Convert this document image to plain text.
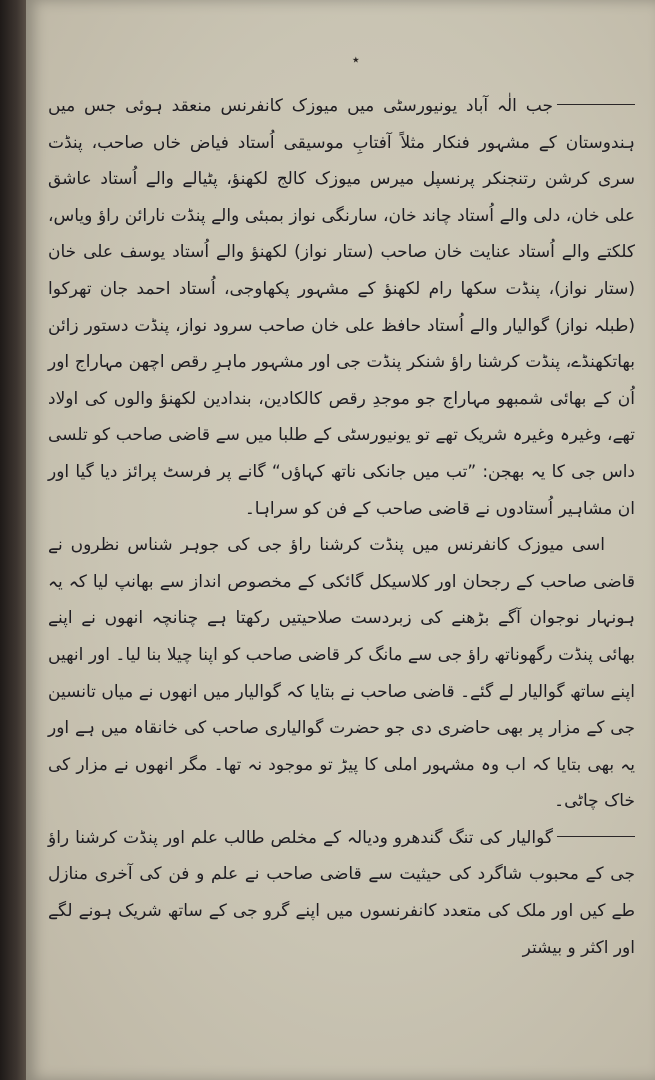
٭

جب الٰہ آباد یونیورسٹی میں میوزک کانفرنس منعقد ہوئی جس میں ہندوستان کے مشہور فنکار مثلاً آفتابِ موسیقی اُستاد فیاض خاں صاحب، پنڈت سری کرشن رتنجنکر پرنسپل میرس میوزک کالج لکھنؤ، پٹیالے والے اُستاد عاشق علی خان، دلی والے اُستاد چاند خان، سارنگی نواز بمبئی والے پنڈت نارائن راؤ ویاس، کلکتے والے اُستاد عنایت خان صاحب (ستار نواز) لکھنؤ والے اُستاد یوسف علی خان (ستار نواز)، پنڈت سکھا رام لکھنؤ کے مشہور پکھاوجی، اُستاد احمد جان تھرکوا (طبلہ نواز) گوالیار والے اُستاد حافظ علی خان صاحب سرود نواز، پنڈت دستور زائن بھاتکھنڈے، پنڈت کرشنا راؤ شنکر پنڈت جی اور مشہور ماہرِ رقص اچھن مہاراج اور اُن کے بھائی شمبھو مہاراج جو موجدِ رقص کالکادین، بندادین لکھنؤ والوں کی اولاد تھے، وغیرہ وغیرہ شریک تھے تو یونیورسٹی کے طلبا میں سے قاضی صاحب کو تلسی داس جی کا یہ بھجن: ”تب میں جانکی ناتھ کہاؤں“ گانے پر فرسٹ پرائز دیا گیا اور ان مشاہیر اُستادوں نے قاضی صاحب کے فن کو سراہا۔

اسی میوزک کانفرنس میں پنڈت کرشنا راؤ جی کی جوہر شناس نظروں نے قاضی صاحب کے رجحان اور کلاسیکل گائکی کے مخصوص انداز سے بھانپ لیا کہ یہ ہونہار نوجوان آگے بڑھنے کی زبردست صلاحیتیں رکھتا ہے چنانچہ انھوں نے اپنے بھائی پنڈت رگھوناتھ راؤ جی سے مانگ کر قاضی صاحب کو اپنا چیلا بنا لیا۔ اور انھیں اپنے ساتھ گوالیار لے گئے۔ قاضی صاحب نے بتایا کہ گوالیار میں انھوں نے میاں تانسین جی کے مزار پر بھی حاضری دی جو حضرت گوالیاری صاحب کی خانقاہ میں ہے اور یہ بھی بتایا کہ اب وہ مشہور املی کا پیڑ تو موجود نہ تھا۔ مگر انھوں نے مزار کی خاک چاٹی۔

گوالیار کی تنگ گندھرو ودیالہ کے مخلص طالب علم اور پنڈت کرشنا راؤ جی کے محبوب شاگرد کی حیثیت سے قاضی صاحب نے علم و فن کی آخری منازل طے کیں اور ملک کی متعدد کانفرنسوں میں اپنے گرو جی کے ساتھ شریک ہونے لگے اور اکثر و بیشتر
